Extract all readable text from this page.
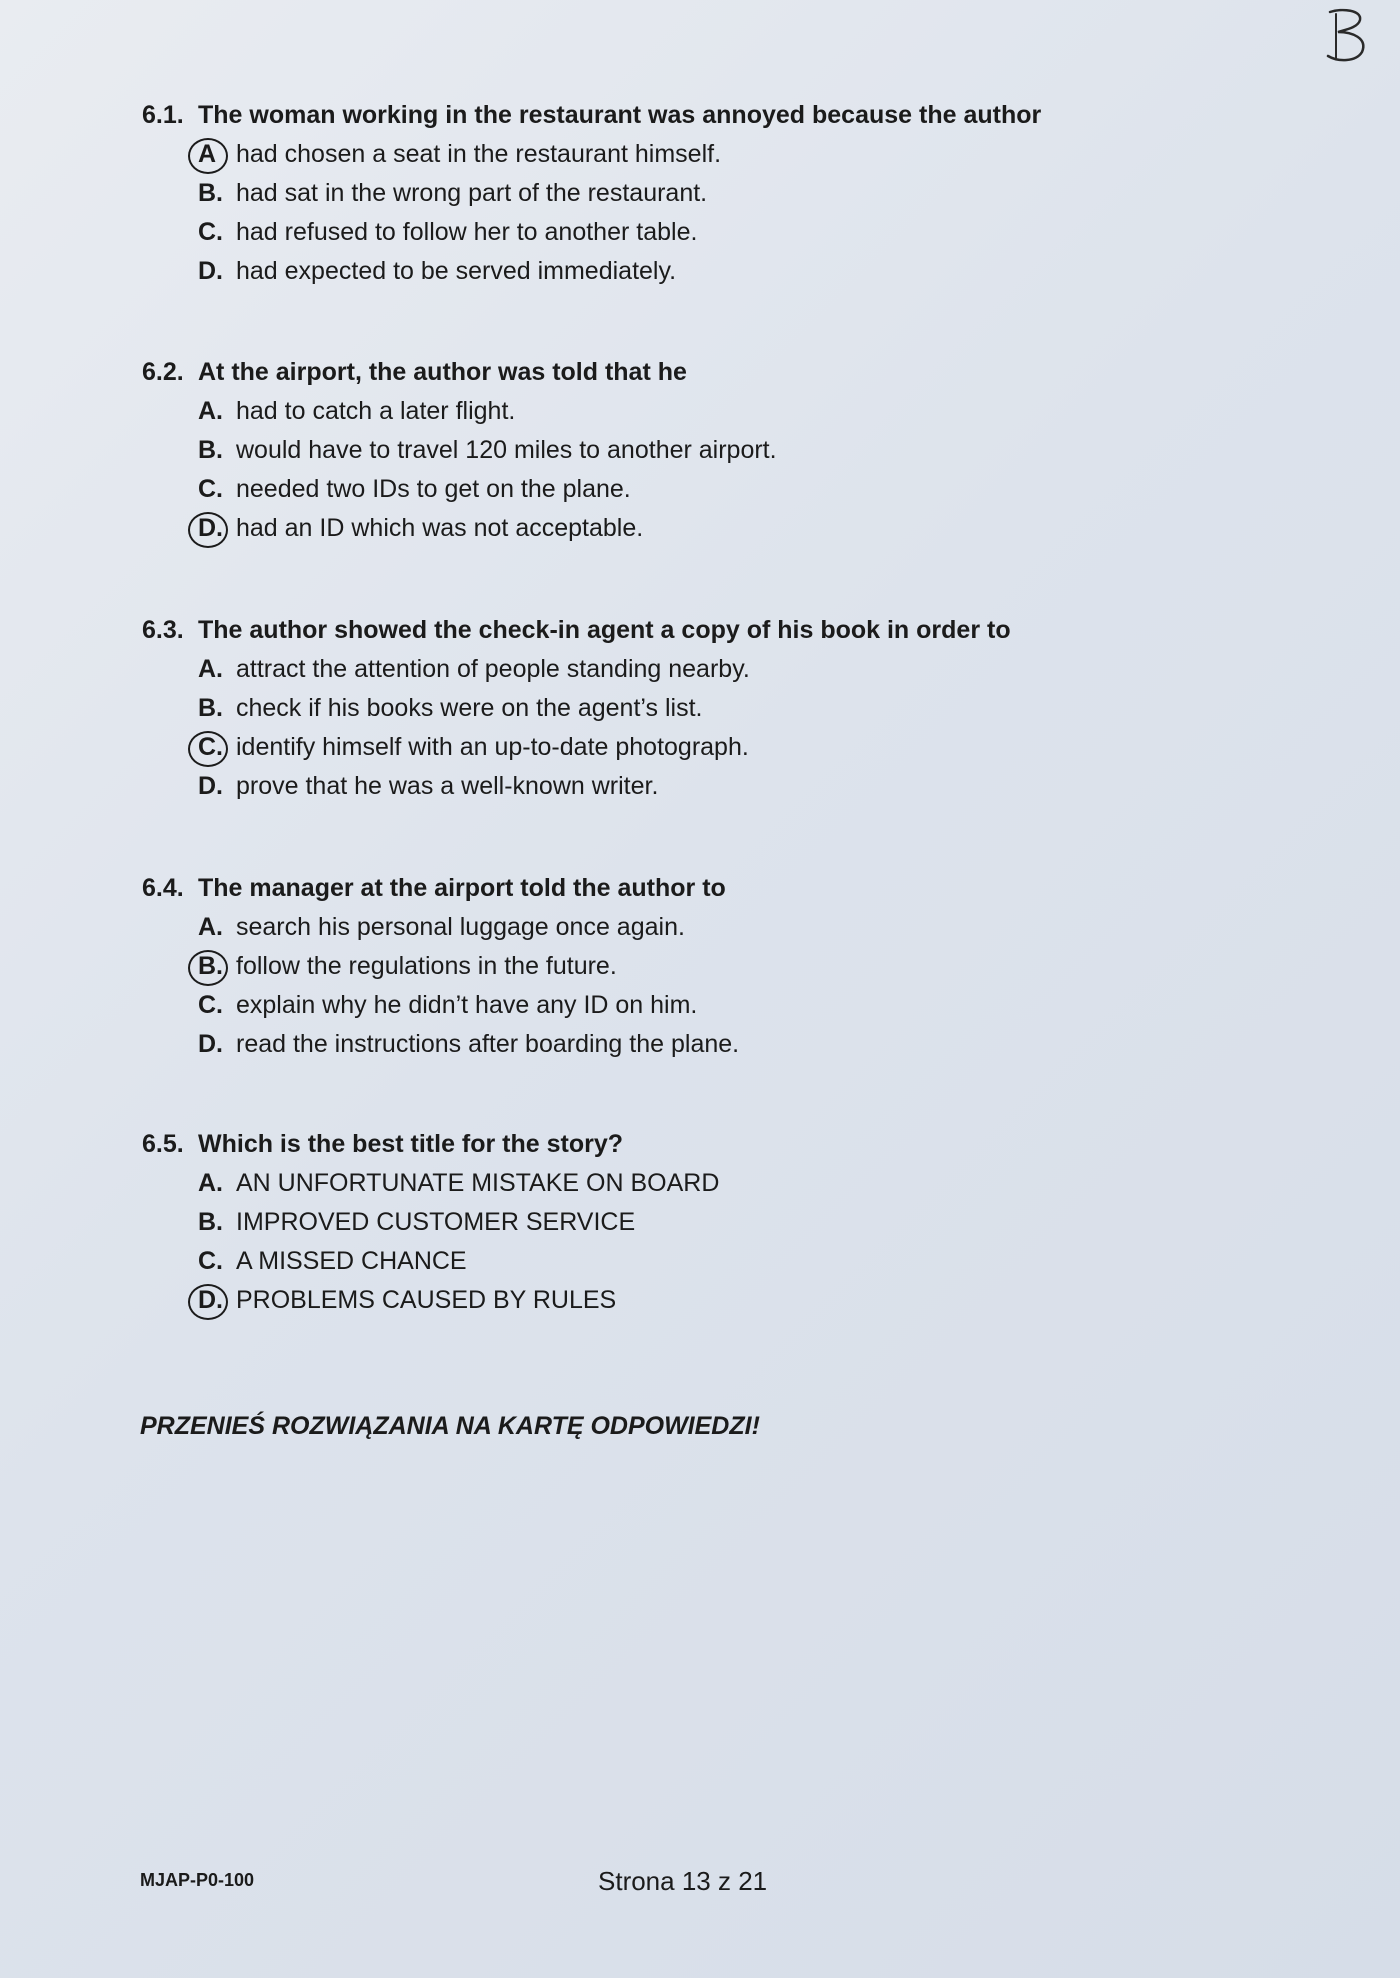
6.1. The woman working in the restaurant was annoyed because the author
A had chosen a seat in the restaurant himself.
B. had sat in the wrong part of the restaurant.
C. had refused to follow her to another table.
D. had expected to be served immediately.
6.2. At the airport, the author was told that he
A. had to catch a later flight.
B. would have to travel 120 miles to another airport.
C. needed two IDs to get on the plane.
D. had an ID which was not acceptable.
6.3. The author showed the check-in agent a copy of his book in order to
A. attract the attention of people standing nearby.
B. check if his books were on the agent’s list.
C. identify himself with an up-to-date photograph.
D. prove that he was a well-known writer.
6.4. The manager at the airport told the author to
A. search his personal luggage once again.
B. follow the regulations in the future.
C. explain why he didn’t have any ID on him.
D. read the instructions after boarding the plane.
6.5. Which is the best title for the story?
A. AN UNFORTUNATE MISTAKE ON BOARD
B. IMPROVED CUSTOMER SERVICE
C. A MISSED CHANCE
D. PROBLEMS CAUSED BY RULES
PRZENIEŚ ROZWIĄZANIA NA KARTĘ ODPOWIEDZI!
MJAP-P0-100	Strona 13 z 21
